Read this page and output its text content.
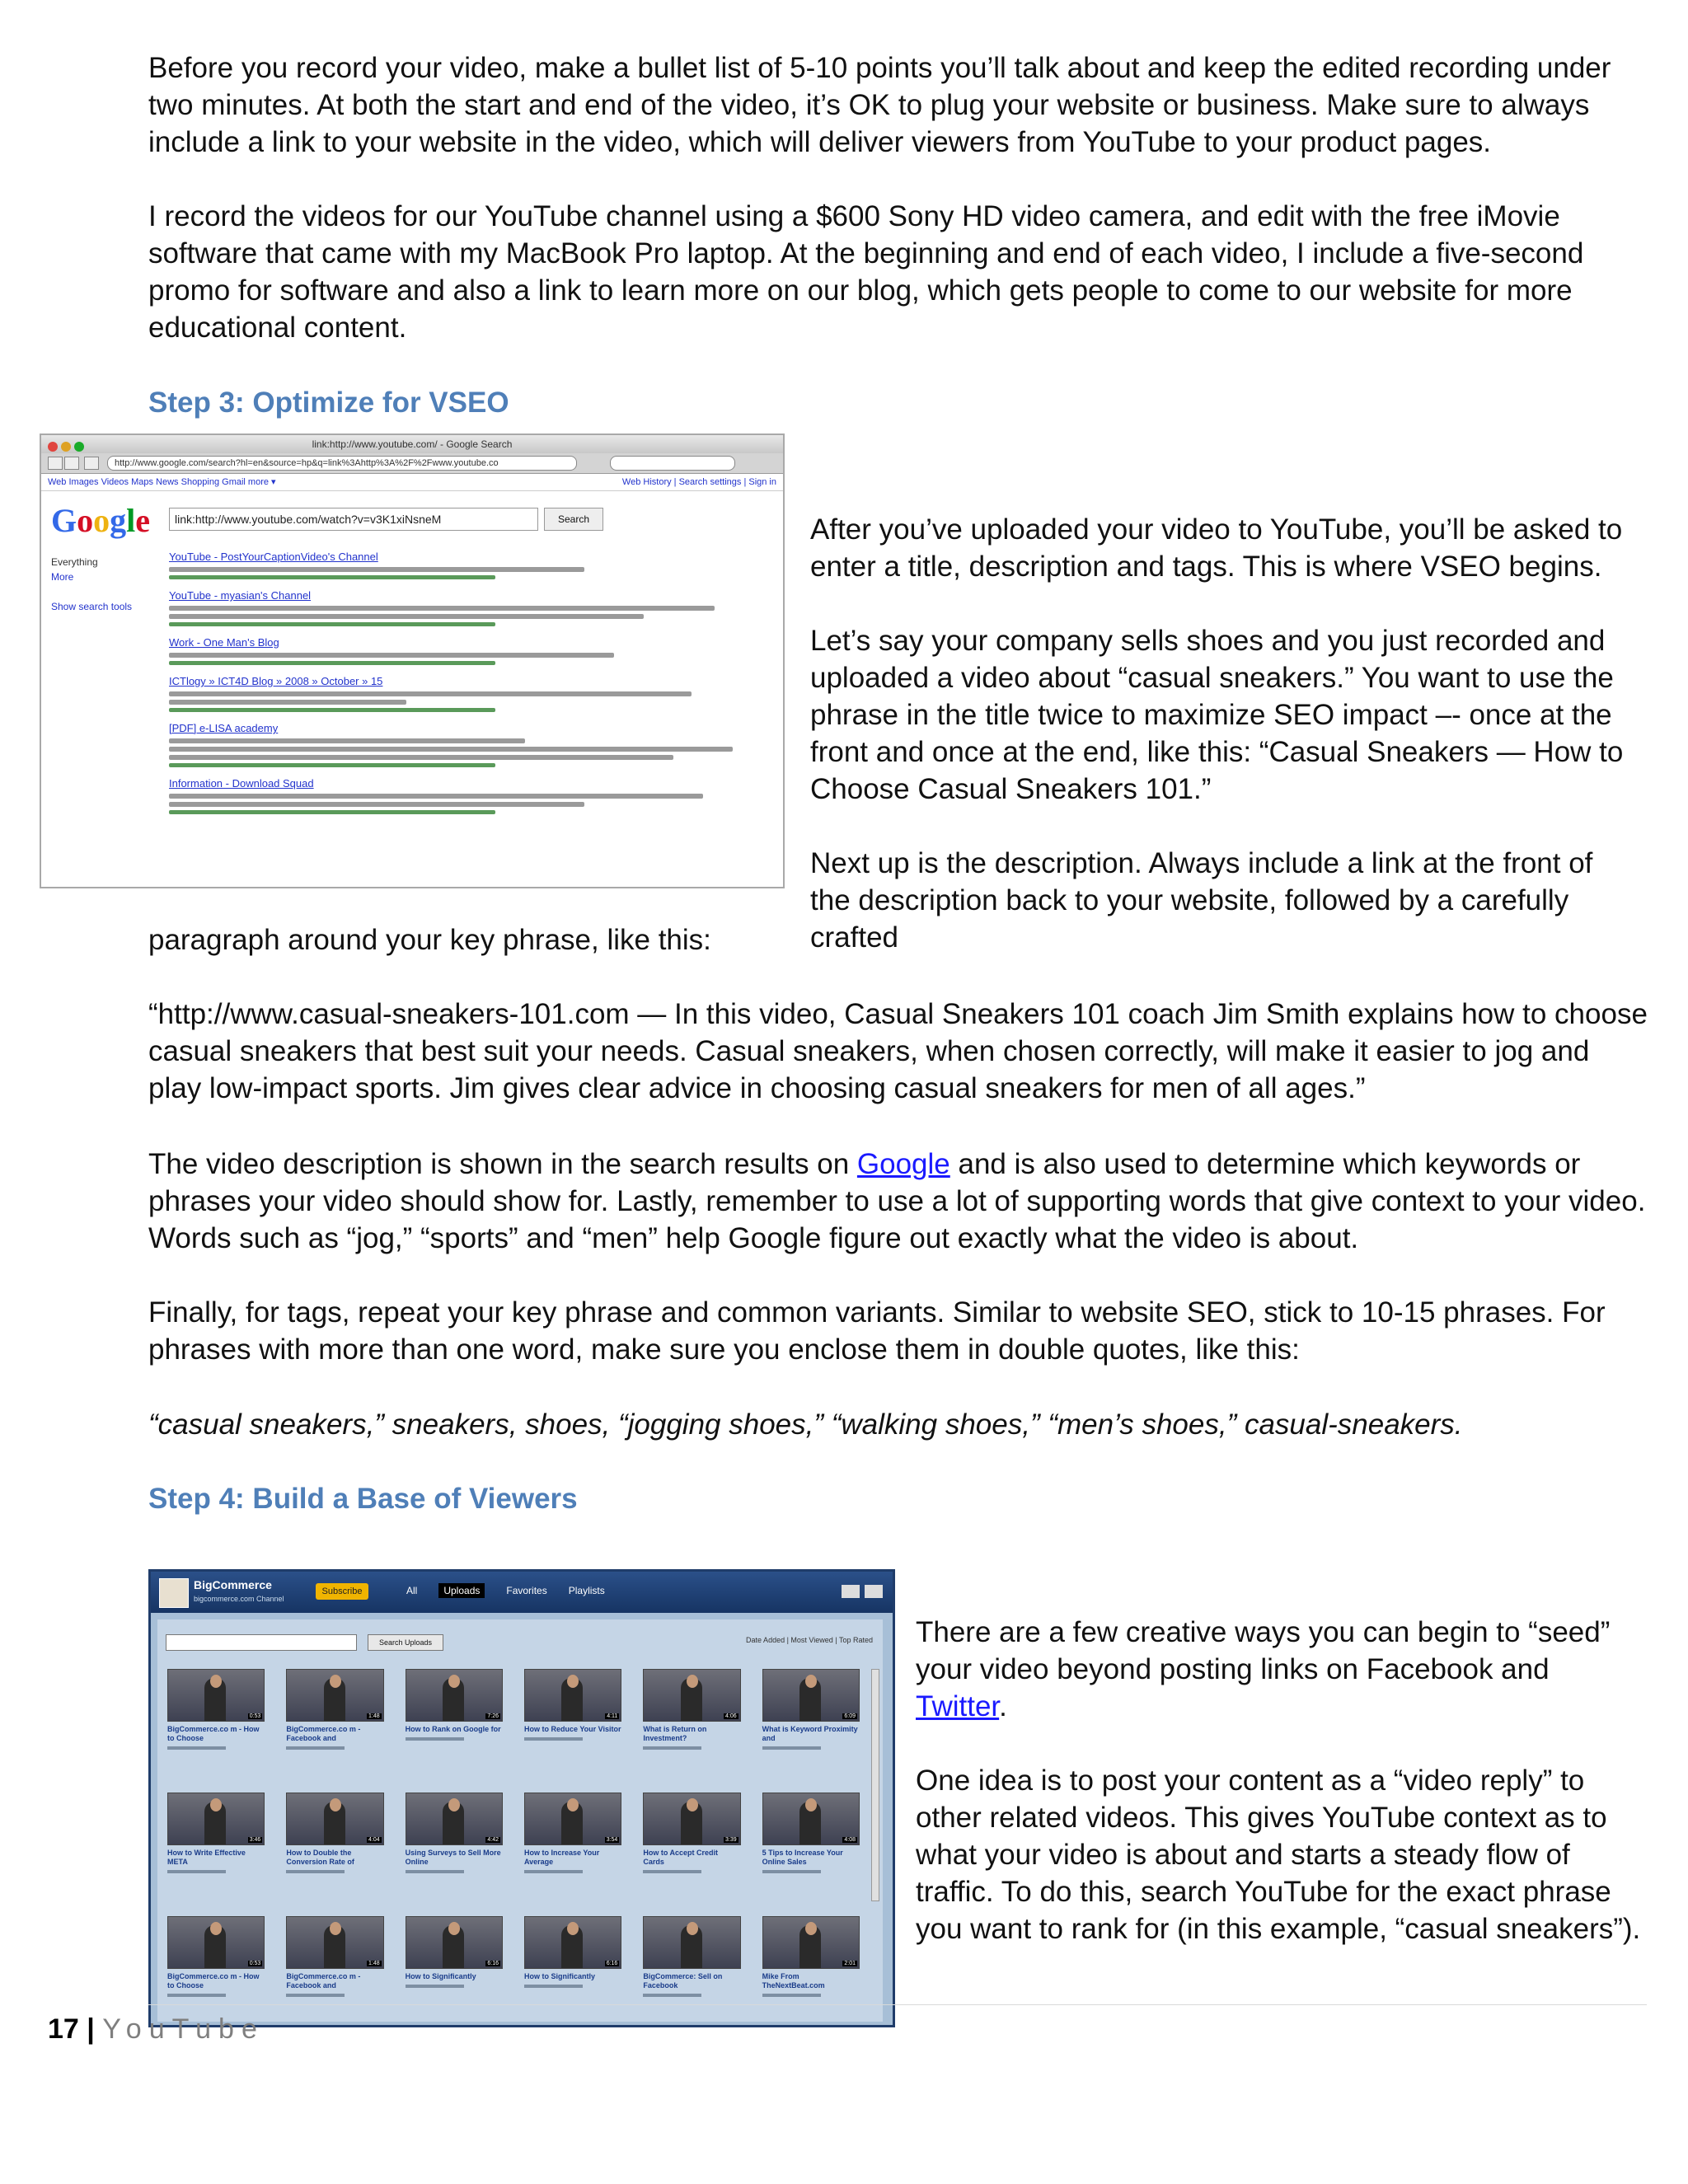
Before you record your video, make a bullet list of 5-10 points you’ll talk about and keep the edited recording under two minutes. At both the start and end of the video, it’s OK to plug your website or business. Make sure to always include a link to your website in the video, which will deliver viewers from YouTube to your product pages.

I record the videos for our YouTube channel using a $600 Sony HD video camera, and edit with the free iMovie software that came with my MacBook Pro laptop. At the beginning and end of each video, I include a five-second promo for software and also a link to learn more on our blog, which gets people to come to our website for more educational content.

Step 3: Optimize for VSEO
link:http://www.youtube.com/ - Google Search
http://www.google.com/search?hl=en&source=hp&q=link%3Ahttp%3A%2F%2Fwww.youtube.co
Web Images Videos Maps News Shopping Gmail more ▾	Web History | Search settings | Sign in
Google	link:http://www.youtube.com/watch?v=v3K1xiNsneM	Search
Everything
More
Show search tools
YouTube - PostYourCaptionVideo's Channel
YouTube - myasian's Channel
Work - One Man's Blog
ICTlogy » ICT4D Blog » 2008 » October » 15
[PDF] e-LISA academy
Information - Download Squad

After you’ve uploaded your video to YouTube, you’ll be asked to enter a title, description and tags. This is where VSEO begins.

Let’s say your company sells shoes and you just recorded and uploaded a video about “casual sneakers.” You want to use the phrase in the title twice to maximize SEO impact –- once at the front and once at the end, like this: “Casual Sneakers — How to Choose Casual Sneakers 101.”

Next up is the description. Always include a link at the front of the description back to your website, followed by a carefully crafted

paragraph around your key phrase, like this:

“http://www.casual-sneakers-101.com — In this video, Casual Sneakers 101 coach Jim Smith explains how to choose casual sneakers that best suit your needs. Casual sneakers, when chosen correctly, will make it easier to jog and play low-impact sports. Jim gives clear advice in choosing casual sneakers for men of all ages.”

The video description is shown in the search results on Google and is also used to determine which keywords or phrases your video should show for. Lastly, remember to use a lot of supporting words that give context to your video. Words such as “jog,” “sports” and “men” help Google figure out exactly what the video is about.

Finally, for tags, repeat your key phrase and common variants. Similar to website SEO, stick to 10-15 phrases. For phrases with more than one word, make sure you enclose them in double quotes, like this:

“casual sneakers,” sneakers, shoes, “jogging shoes,” “walking shoes,” “men’s shoes,” casual-sneakers.

Step 4: Build a Base of Viewers
BigCommerce
bigcommerce.com Channel
Subscribe	All	Uploads	Favorites Playlists
Search Uploads	Date Added | Most Viewed | Top Rated
0:53
BigCommerce.co m - How to Choose
1:48
BigCommerce.co m - Facebook and
7:26
How to Rank on Google for
4:11
How to Reduce Your Visitor
4:06
What is Return on Investment?
6:09
What is Keyword Proximity and
3:46
How to Write Effective META
4:04
How to Double the Conversion Rate of
4:42
Using Surveys to Sell More Online
3:54
How to Increase Your Average
3:39
How to Accept Credit Cards
4:08
5 Tips to Increase Your Online Sales
0:53
BigCommerce.co m - How to Choose
1:48
BigCommerce.co m - Facebook and
6:16
How to Significantly
6:16
How to Significantly	BigCommerce: Sell on Facebook
2:01
Mike From TheNextBeat.com

There are a few creative ways you can begin to “seed” your video beyond posting links on Facebook and Twitter.

One idea is to post your content as a “video reply” to other related videos. This gives YouTube context as to what your video is about and starts a steady flow of traffic. To do this, search YouTube for the exact phrase you want to rank for (in this example, “casual sneakers”).

17 | YouTube
